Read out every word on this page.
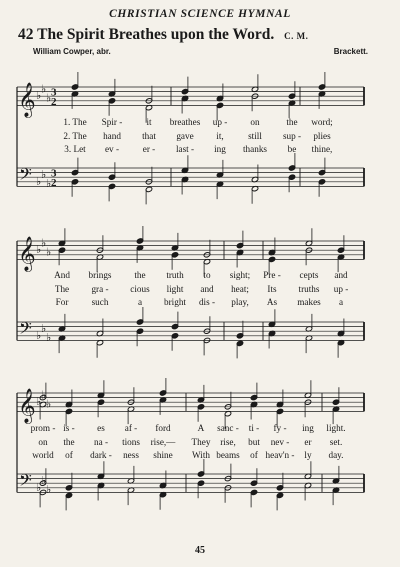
CHRISTIAN SCIENCE HYMNAL
42 The Spirit Breathes upon the Word. C. M.
William Cowper, abr.	Brackett.
𝄞
𝄢
♭
♭
♭
♭
♭
♭
3
2
3
2
𝄞
𝄢
♭
♭
♭
♭
♭
♭
𝄞
𝄢
♭
♭
♭
♭
♭
♭
1. The Spir -	it breathes up -	on	the word;
2. The hand that gave it,	still sup - plies
3. Let ev -	er - last - ing thanks be thine,
And brings the truth to sight; Pre - cepts and
The gra - cious light and heat; Its truths up -
For	such	a bright dis - play, As makes a
prom - is - es af - ford	A sanc - ti - fy - ing light.
on the na - tions rise,— They rise, but nev - er set.
world of dark - ness shine With beams of heav'n - ly day.
45
